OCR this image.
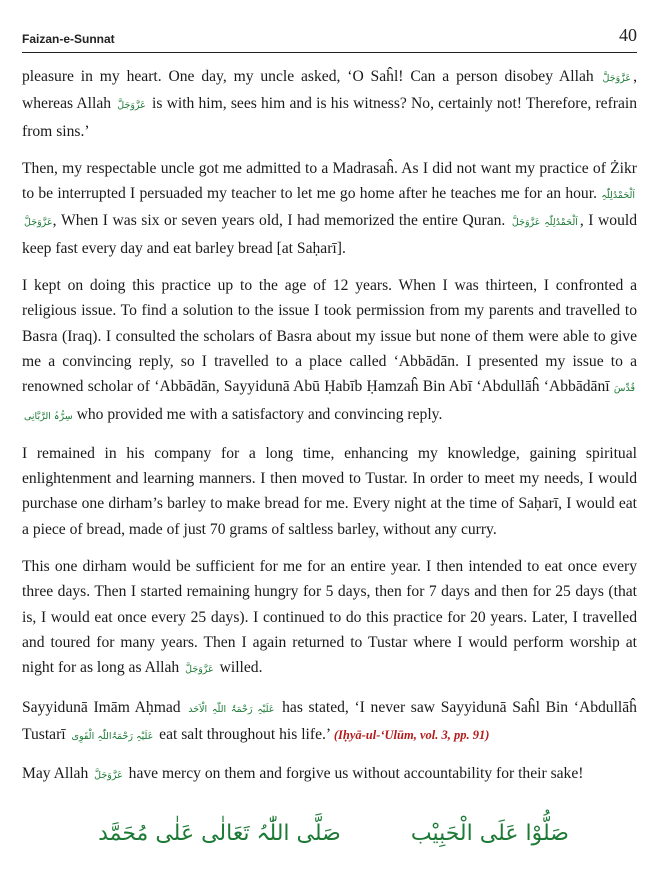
Faizan-e-Sunnat	40

pleasure in my heart. One day, my uncle asked, ‘O Saĥl! Can a person disobey Allah عَزَّوَجَلَّ , whereas Allah عَزَّوَجَلَّ is with him, sees him and is his witness? No, certainly not! Therefore, refrain from sins.’

Then, my respectable uncle got me admitted to a Madrasaĥ. As I did not want my practice of Żikr to be interrupted I persuaded my teacher to let me go home after he teaches me for an hour. اَلْحَمْدُلِلّٰہِ عَزَّوَجَلَّ, When I was six or seven years old, I had memorized the entire Quran. اَلْحَمْدُلِلّٰہِ عَزَّوَجَلَّ , I would keep fast every day and eat barley bread [at Saḥarī].

I kept on doing this practice up to the age of 12 years. When I was thirteen, I confronted a religious issue. To find a solution to the issue I took permission from my parents and travelled to Basra (Iraq). I consulted the scholars of Basra about my issue but none of them were able to give me a convincing reply, so I travelled to a place called ‘Abbādān. I presented my issue to a renowned scholar of ‘Abbādān, Sayyidunā Abū Ḥabīb Ḥamzaĥ Bin Abī ‘Abdullāĥ ‘Abbādānī قُدِّسَ سِرُّہُ الرَّبَّانِی who provided me with a satisfactory and convincing reply.

I remained in his company for a long time, enhancing my knowledge, gaining spiritual enlightenment and learning manners. I then moved to Tustar. In order to meet my needs, I would purchase one dirham’s barley to make bread for me. Every night at the time of Saḥarī, I would eat a piece of bread, made of just 70 grams of saltless barley, without any curry.

This one dirham would be sufficient for me for an entire year. I then intended to eat once every three days. Then I started remaining hungry for 5 days, then for 7 days and then for 25 days (that is, I would eat once every 25 days). I continued to do this practice for 20 years. Later, I travelled and toured for many years. Then I again returned to Tustar where I would perform worship at night for as long as Allah عَزَّوَجَلَّ willed.

Sayyidunā Imām Aḥmad عَلَیْہِ رَحْمَۃُ اللّٰہِ الْاَحَد has stated, ‘I never saw Sayyidunā Saĥl Bin ‘Abdullāĥ Tustarī عَلَیْہِ رَحْمَۃُاللّٰہِ الْقَوِی eat salt throughout his life.’ (Iḥyā-ul-‘Ulūm, vol. 3, pp. 91)

May Allah عَزَّوَجَلَّ have mercy on them and forgive us without accountability for their sake!

صَلُّوْا عَلَی الْحَبِیْب
صَلَّی اللّٰہُ تَعَالٰی عَلٰی مُحَمَّد
